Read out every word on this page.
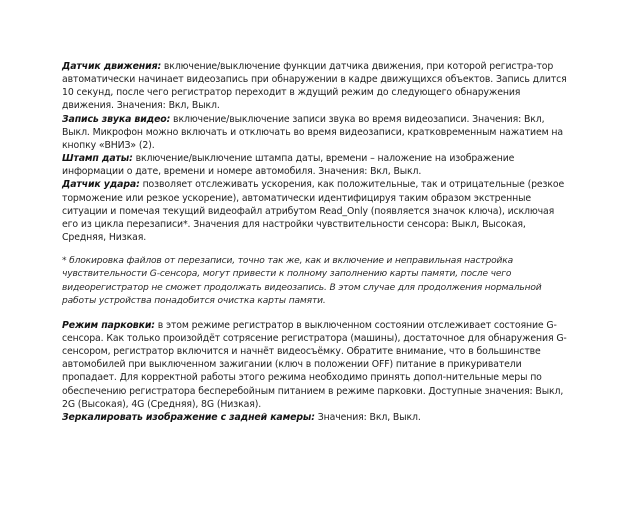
Датчик движения: включение/выключение функции датчика движения, при которой регистра-тор автоматически начинает видеозапись при обнаружении в кадре движущихся объектов. Запись длится 10 секунд, после чего регистратор переходит в ждущий режим до следующего обнаружения движения. Значения: Вкл, Выкл.

Запись звука видео: включение/выключение записи звука во время видеозаписи. Значения: Вкл, Выкл. Микрофон можно включать и отключать во время видеозаписи, кратковременным нажатием на кнопку «ВНИЗ» (2).

Штамп даты: включение/выключение штампа даты, времени – наложение на изображение информации о дате, времени и номере автомобиля. Значения: Вкл, Выкл.

Датчик удара: позволяет отслеживать ускорения, как положительные, так и отрицательные (резкое торможение или резкое ускорение), автоматически идентифицируя таким образом экстренные ситуации и помечая текущий видеофайл атрибутом Read_Only (появляется значок ключа), исключая его из цикла перезаписи*. Значения для настройки чувствительности сенсора: Выкл, Высокая, Средняя, Низкая.

* блокировка файлов от перезаписи, точно так же, как и включение и неправильная настройка чувствительности G-сенсора, могут привести к полному заполнению карты памяти, после чего видеорегистратор не сможет продолжать видеозапись. В этом случае для продолжения нормальной работы устройства понадобится очистка карты памяти.

Режим парковки: в этом режиме регистратор в выключенном состоянии отслеживает состояние G-сенсора. Как только произойдёт сотрясение регистратора (машины), достаточное для обнаружения G-сенсором, регистратор включится и начнёт видеосъёмку. Обратите внимание, что в большинстве автомобилей при выключенном зажигании (ключ в положении OFF) питание в прикуриватели пропадает. Для корректной работы этого режима необходимо принять допол-нительные меры по обеспечению регистратора бесперебойным питанием в режиме парковки. Доступные значения: Выкл, 2G (Высокая), 4G (Средняя), 8G (Низкая).

Зеркалировать изображение с задней камеры: Значения: Вкл, Выкл.
